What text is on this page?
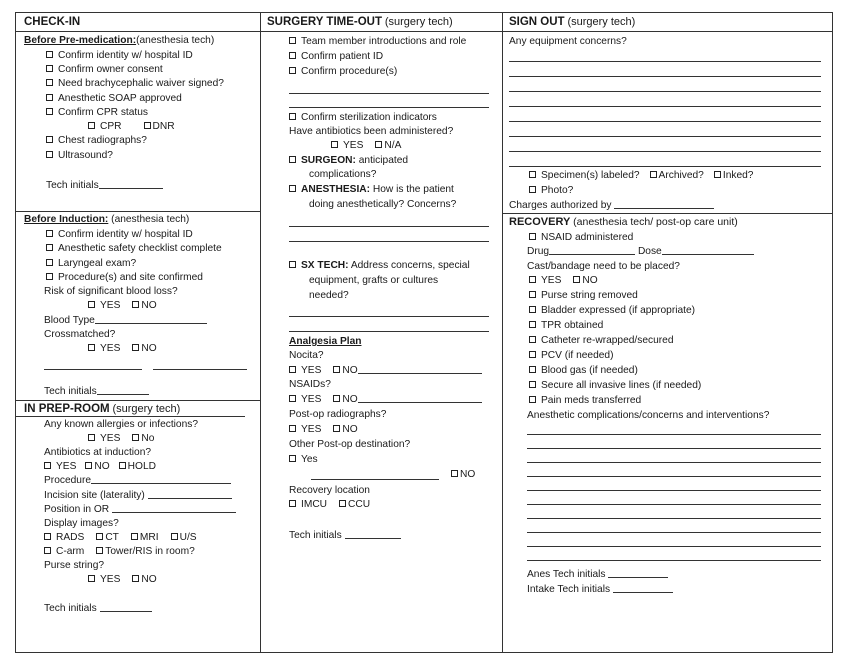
CHECK-IN
Before Pre-medication:(anesthesia tech)
Confirm identity w/ hospital ID
Confirm owner consent
Need brachycephalic waiver signed?
Anesthetic SOAP approved
Confirm CPR status
CPR	DNR
Chest radiographs?
Ultrasound?
Tech initials
Before Induction: (anesthesia tech)
Confirm identity w/ hospital ID
Anesthetic safety checklist complete
Laryngeal exam?
Procedure(s) and site confirmed
Risk of significant blood loss?
YES NO
Blood Type
Crossmatched?
YES NO
Tech initials
IN PREP-ROOM (surgery tech)
Any known allergies or infections?
YES No
Antibiotics at induction?
YES NO HOLD
Procedure
Incision site (laterality)
Position in OR
Display images?
RADS CT MRI U/S
C-arm Tower/RIS in room?
Purse string?
YES NO
Tech initials
SURGERY TIME-OUT (surgery tech)
Team member introductions and role
Confirm patient ID
Confirm procedure(s)
Confirm sterilization indicators
Have antibiotics been administered?
YES N/A
SURGEON: anticipated
complications?
ANESTHESIA: How is the patient
doing anesthetically? Concerns?
SX TECH: Address concerns, special
equipment, grafts or cultures
needed?
Analgesia Plan
Nocita?
YES NO
NSAIDs?
YES NO
Post-op radiographs?
YES NO
Other Post-op destination?
Yes
NO
Recovery location
IMCU CCU
Tech initials
SIGN OUT (surgery tech)
Any equipment concerns?
Specimen(s) labeled? Archived? Inked?
Photo?
Charges authorized by
RECOVERY (anesthesia tech/ post-op care unit)
NSAID administered
Drug	Dose
Cast/bandage need to be placed?
YES NO
Purse string removed
Bladder expressed (if appropriate)
TPR obtained
Catheter re-wrapped/secured
PCV (if needed)
Blood gas (if needed)
Secure all invasive lines (if needed)
Pain meds transferred
Anesthetic complications/concerns and interventions?
Anes Tech initials
Intake Tech initials
